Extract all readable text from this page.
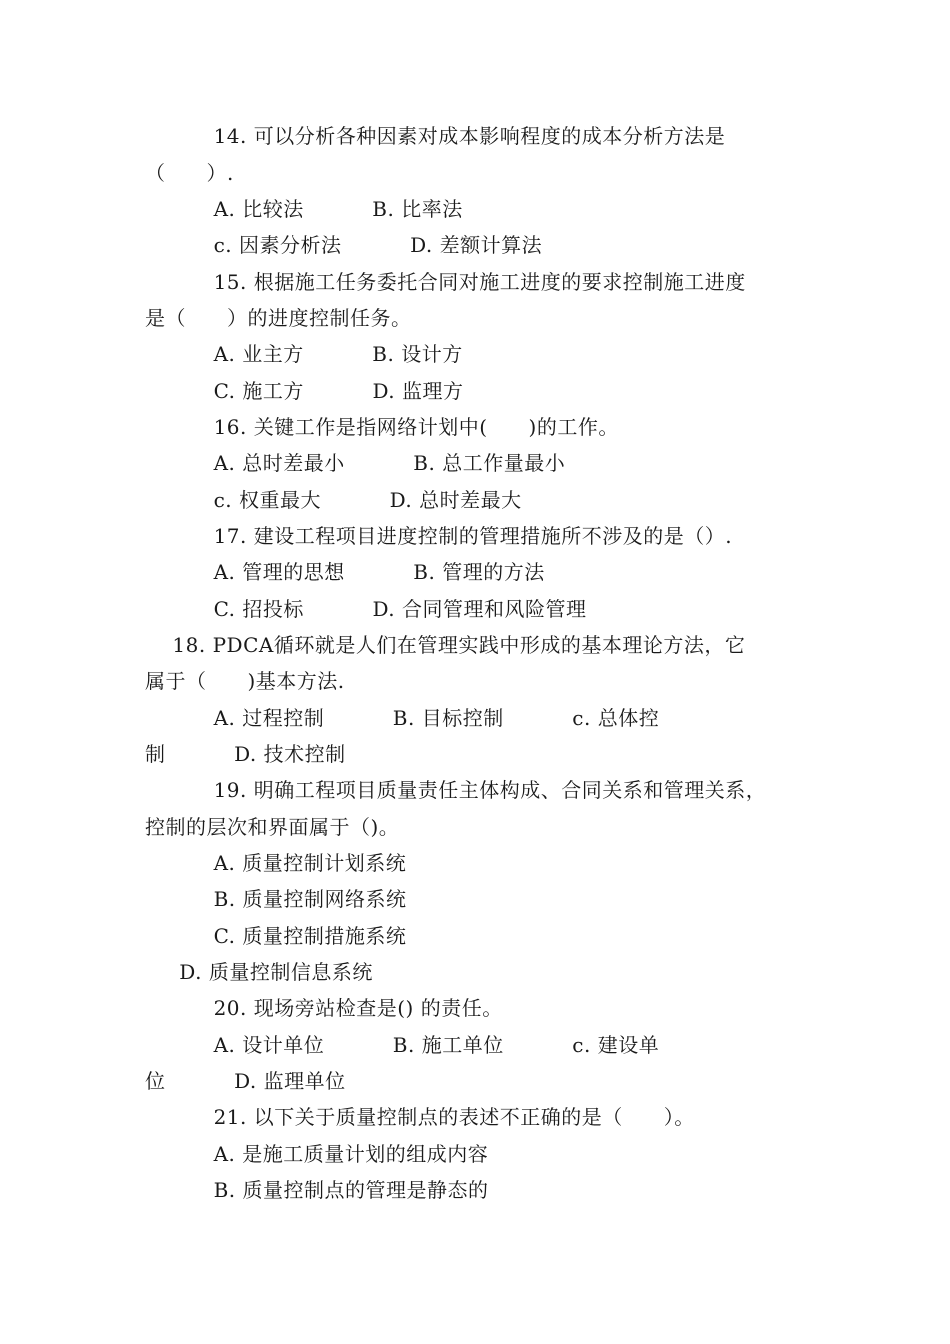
14. 可以分析各种因素对成本影响程度的成本分析方法是
（　　）.
A. 比较法          B. 比率法
c. 因素分析法          D. 差额计算法
15. 根据施工任务委托合同对施工进度的要求控制施工进度
是（　　）的进度控制任务。
A. 业主方          B. 设计方
C. 施工方          D. 监理方
16. 关键工作是指网络计划中(　　)的工作。
A. 总时差最小          B. 总工作量最小
c. 权重最大          D. 总时差最大
17. 建设工程项目进度控制的管理措施所不涉及的是（）.
A. 管理的思想          B. 管理的方法
C. 招投标          D. 合同管理和风险管理
18. PDCA循环就是人们在管理实践中形成的基本理论方法，它
属于（　　)基本方法.
A. 过程控制          B. 目标控制          c. 总体控
制          D. 技术控制
19. 明确工程项目质量责任主体构成、合同关系和管理关系，
控制的层次和界面属于（)。
A. 质量控制计划系统
B. 质量控制网络系统
C. 质量控制措施系统
D. 质量控制信息系统
20. 现场旁站检查是() 的责任。
A. 设计单位          B. 施工单位          c. 建设单
位          D. 监理单位
21. 以下关于质量控制点的表述不正确的是（　　）。
A. 是施工质量计划的组成内容
B. 质量控制点的管理是静态的
